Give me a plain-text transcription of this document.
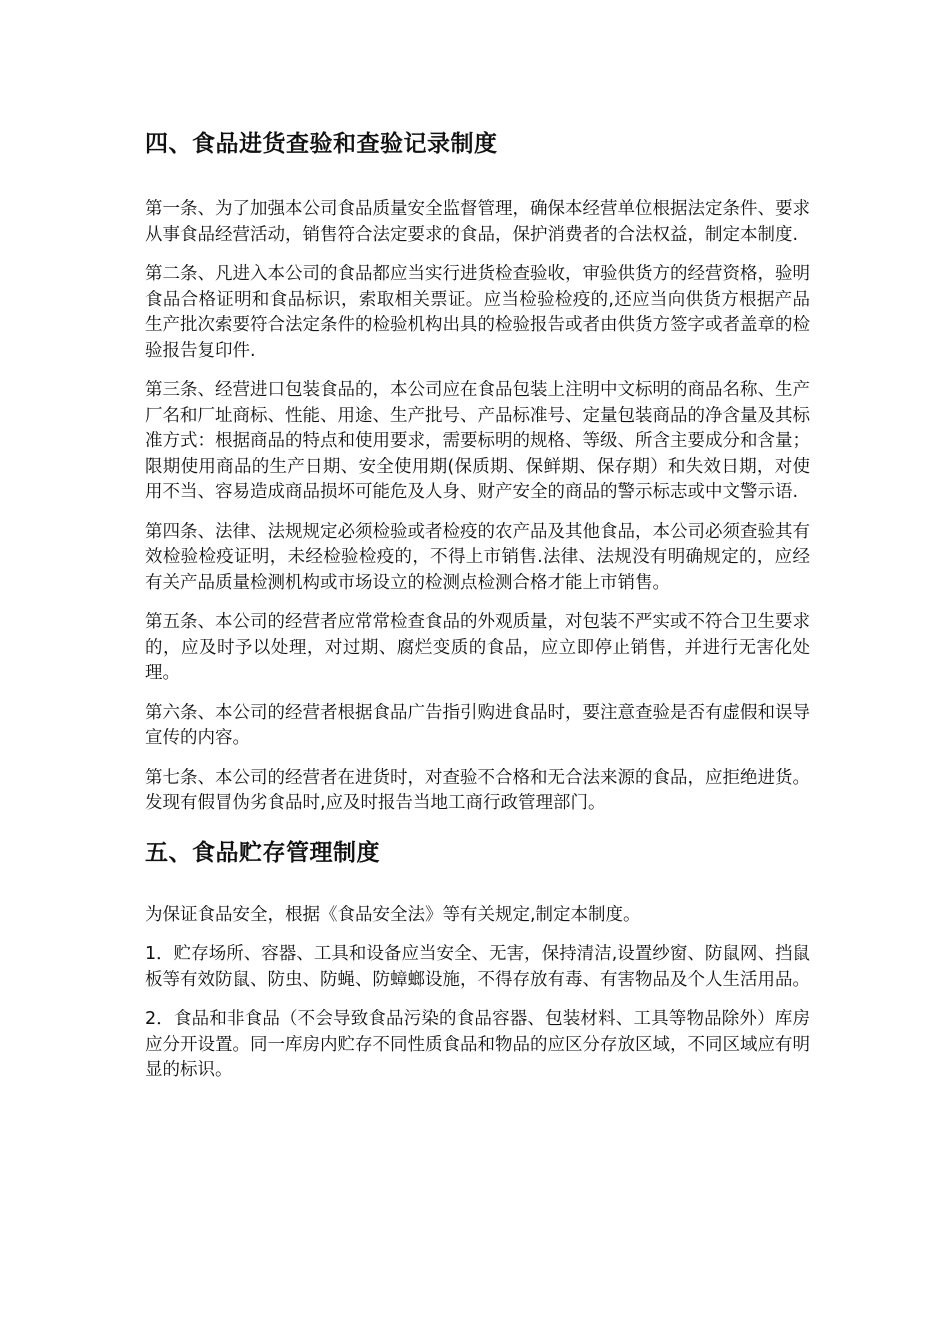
四、食品进货查验和查验记录制度

第一条、为了加强本公司食品质量安全监督管理，确保本经营单位根据法定条件、要求从事食品经营活动，销售符合法定要求的食品，保护消费者的合法权益，制定本制度.

第二条、凡进入本公司的食品都应当实行进货检查验收，审验供货方的经营资格，验明食品合格证明和食品标识，索取相关票证。应当检验检疫的,还应当向供货方根据产品生产批次索要符合法定条件的检验机构出具的检验报告或者由供货方签字或者盖章的检验报告复印件.

第三条、经营进口包装食品的，本公司应在食品包装上注明中文标明的商品名称、生产厂名和厂址商标、性能、用途、生产批号、产品标准号、定量包装商品的净含量及其标准方式：根据商品的特点和使用要求，需要标明的规格、等级、所含主要成分和含量；限期使用商品的生产日期、安全使用期(保质期、保鲜期、保存期）和失效日期，对使用不当、容易造成商品损坏可能危及人身、财产安全的商品的警示标志或中文警示语.

第四条、法律、法规规定必须检验或者检疫的农产品及其他食品，本公司必须查验其有效检验检疫证明，未经检验检疫的，不得上市销售.法律、法规没有明确规定的，应经有关产品质量检测机构或市场设立的检测点检测合格才能上市销售。

第五条、本公司的经营者应常常检查食品的外观质量，对包装不严实或不符合卫生要求的，应及时予以处理，对过期、腐烂变质的食品，应立即停止销售，并进行无害化处理。

第六条、本公司的经营者根据食品广告指引购进食品时，要注意查验是否有虚假和误导宣传的内容。

第七条、本公司的经营者在进货时，对查验不合格和无合法来源的食品，应拒绝进货。发现有假冒伪劣食品时,应及时报告当地工商行政管理部门。

五、食品贮存管理制度

为保证食品安全，根据《食品安全法》等有关规定,制定本制度。

1．贮存场所、容器、工具和设备应当安全、无害，保持清洁,设置纱窗、防鼠网、挡鼠板等有效防鼠、防虫、防蝇、防蟑螂设施，不得存放有毒、有害物品及个人生活用品。

2．食品和非食品（不会导致食品污染的食品容器、包装材料、工具等物品除外）库房应分开设置。同一库房内贮存不同性质食品和物品的应区分存放区域，不同区域应有明显的标识。
